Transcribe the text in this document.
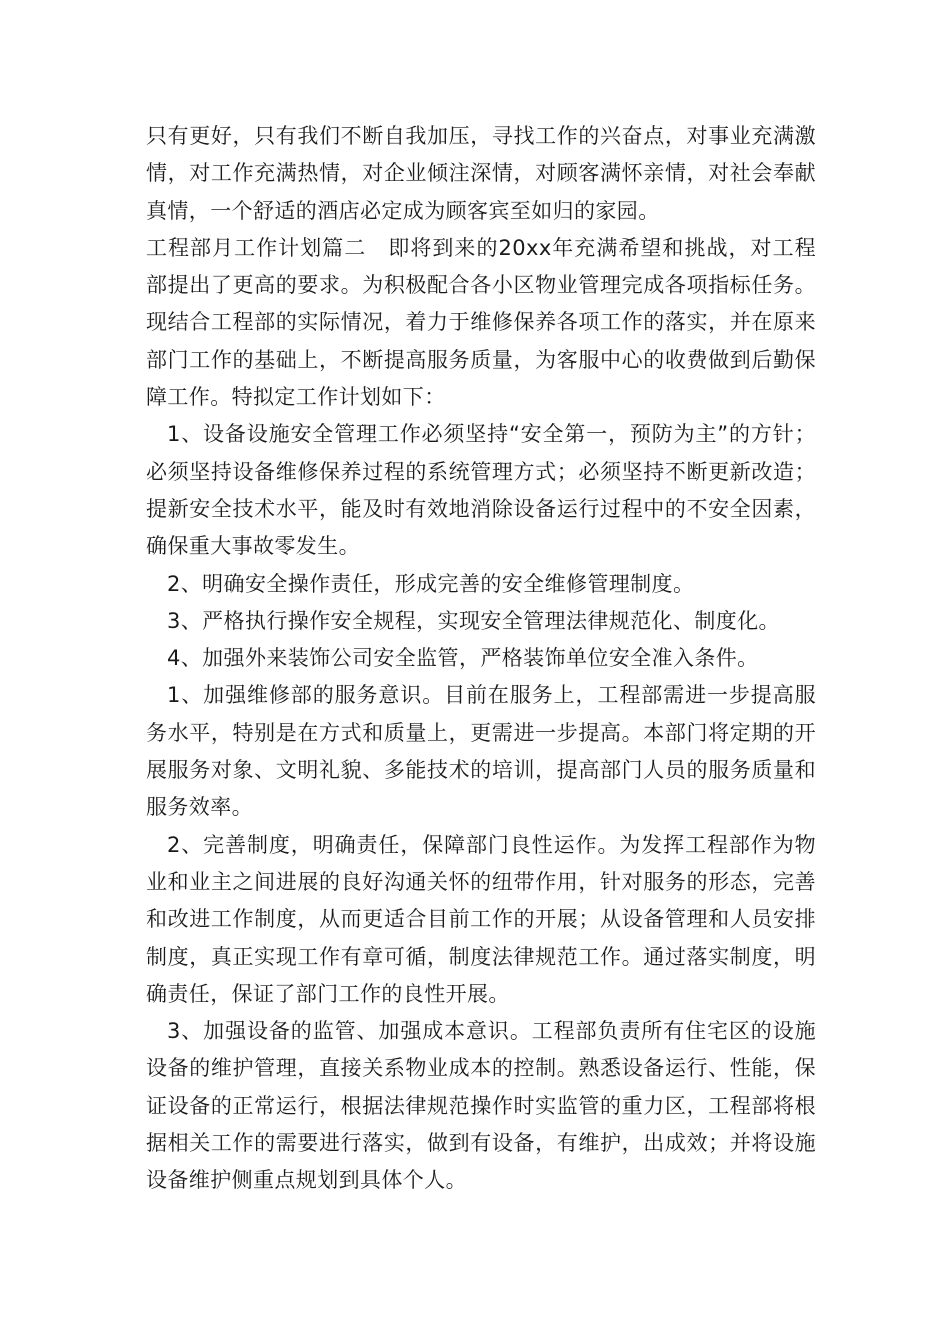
只有更好，只有我们不断自我加压，寻找工作的兴奋点，对事业充满激情，对工作充满热情，对企业倾注深情，对顾客满怀亲情，对社会奉献真情，一个舒适的酒店必定成为顾客宾至如归的家园。

工程部月工作计划篇二　即将到来的20xx年充满希望和挑战，对工程部提出了更高的要求。为积极配合各小区物业管理完成各项指标任务。现结合工程部的实际情况，着力于维修保养各项工作的落实，并在原来部门工作的基础上，不断提高服务质量，为客服中心的收费做到后勤保障工作。特拟定工作计划如下：

1、设备设施安全管理工作必须坚持“安全第一，预防为主”的方针；必须坚持设备维修保养过程的系统管理方式；必须坚持不断更新改造；提新安全技术水平，能及时有效地消除设备运行过程中的不安全因素，确保重大事故零发生。

2、明确安全操作责任，形成完善的安全维修管理制度。

3、严格执行操作安全规程，实现安全管理法律规范化、制度化。

4、加强外来装饰公司安全监管，严格装饰单位安全准入条件。

1、加强维修部的服务意识。目前在服务上，工程部需进一步提高服务水平，特别是在方式和质量上，更需进一步提高。本部门将定期的开展服务对象、文明礼貌、多能技术的培训，提高部门人员的服务质量和服务效率。

2、完善制度，明确责任，保障部门良性运作。为发挥工程部作为物业和业主之间进展的良好沟通关怀的纽带作用，针对服务的形态，完善和改进工作制度，从而更适合目前工作的开展；从设备管理和人员安排制度，真正实现工作有章可循，制度法律规范工作。通过落实制度，明确责任，保证了部门工作的良性开展。

3、加强设备的监管、加强成本意识。工程部负责所有住宅区的设施设备的维护管理，直接关系物业成本的控制。熟悉设备运行、性能，保证设备的正常运行，根据法律规范操作时实监管的重力区，工程部将根据相关工作的需要进行落实，做到有设备，有维护，出成效；并将设施设备维护侧重点规划到具体个人。
